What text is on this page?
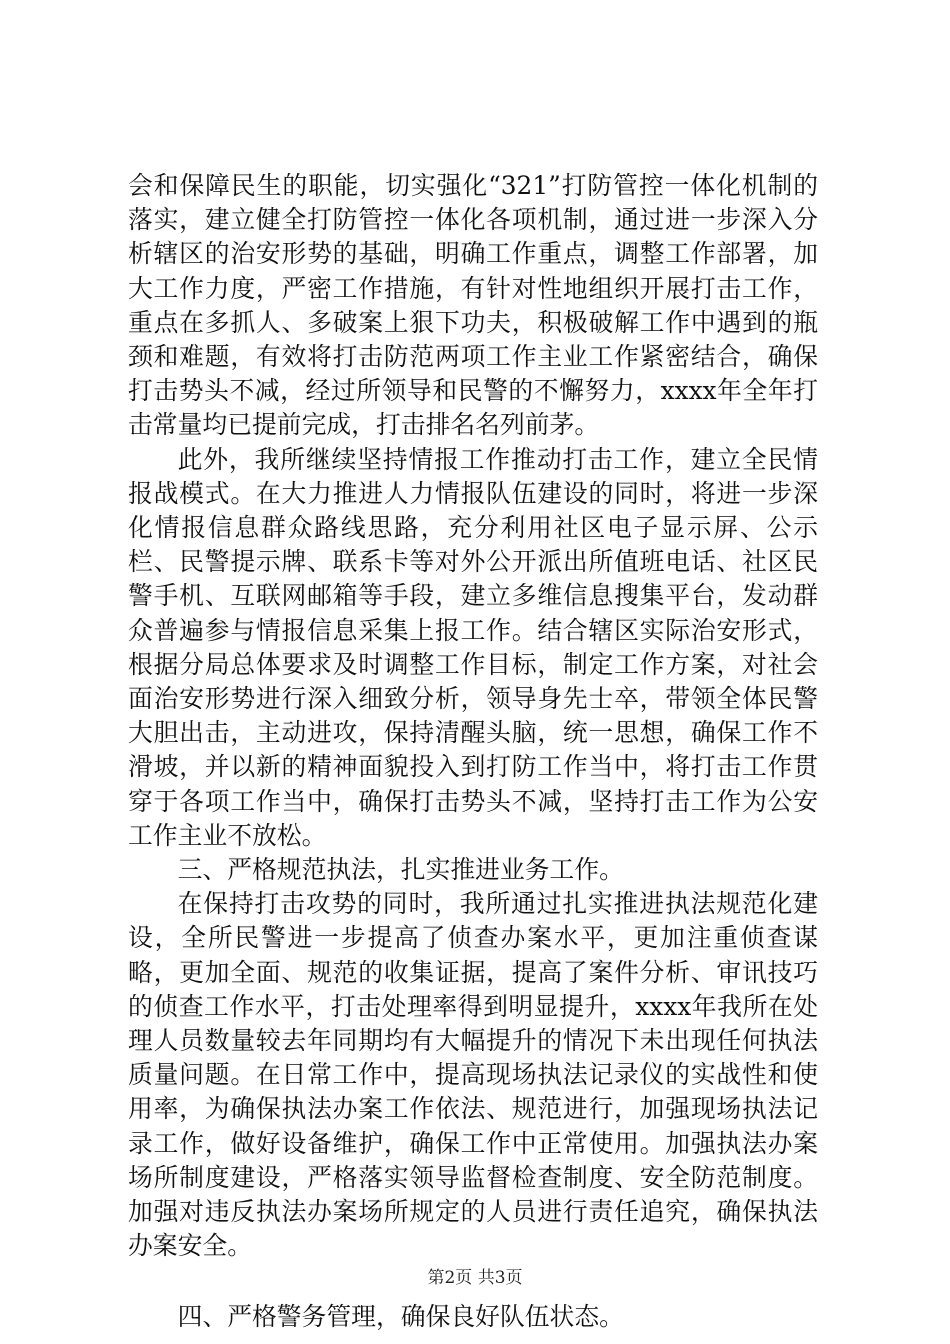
会和保障民生的职能，切实强化“321”打防管控一体化机制的落实，建立健全打防管控一体化各项机制，通过进一步深入分析辖区的治安形势的基础，明确工作重点，调整工作部署，加大工作力度，严密工作措施，有针对性地组织开展打击工作，重点在多抓人、多破案上狠下功夫，积极破解工作中遇到的瓶颈和难题，有效将打击防范两项工作主业工作紧密结合，确保打击势头不减，经过所领导和民警的不懈努力，xxxx年全年打击常量均已提前完成，打击排名名列前茅。

此外，我所继续坚持情报工作推动打击工作，建立全民情报战模式。在大力推进人力情报队伍建设的同时，将进一步深化情报信息群众路线思路，充分利用社区电子显示屏、公示栏、民警提示牌、联系卡等对外公开派出所值班电话、社区民警手机、互联网邮箱等手段，建立多维信息搜集平台，发动群众普遍参与情报信息采集上报工作。结合辖区实际治安形式，根据分局总体要求及时调整工作目标，制定工作方案，对社会面治安形势进行深入细致分析，领导身先士卒，带领全体民警大胆出击，主动进攻，保持清醒头脑，统一思想，确保工作不滑坡，并以新的精神面貌投入到打防工作当中，将打击工作贯穿于各项工作当中，确保打击势头不减，坚持打击工作为公安工作主业不放松。

三、严格规范执法，扎实推进业务工作。

在保持打击攻势的同时，我所通过扎实推进执法规范化建设，全所民警进一步提高了侦查办案水平，更加注重侦查谋略，更加全面、规范的收集证据，提高了案件分析、审讯技巧的侦查工作水平，打击处理率得到明显提升，xxxx年我所在处理人员数量较去年同期均有大幅提升的情况下未出现任何执法质量问题。在日常工作中，提高现场执法记录仪的实战性和使用率，为确保执法办案工作依法、规范进行，加强现场执法记录工作，做好设备维护，确保工作中正常使用。加强执法办案场所制度建设，严格落实领导监督检查制度、安全防范制度。加强对违反执法办案场所规定的人员进行责任追究，确保执法办案安全。

四、严格警务管理，确保良好队伍状态。

第2页 共3页
